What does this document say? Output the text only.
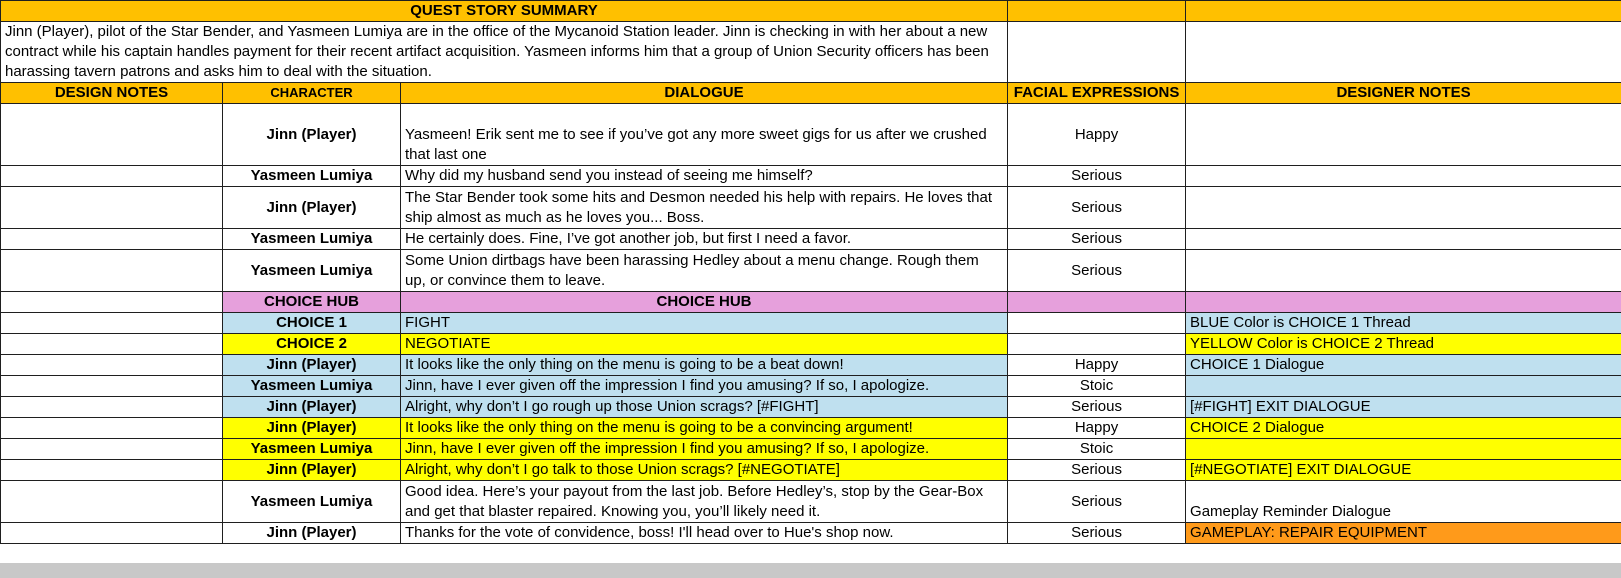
QUEST STORY SUMMARY				
Jinn (Player), pilot of the Star Bender, and Yasmeen Lumiya are in the office of the Mycanoid Station leader. Jinn is checking in with her about a new contract while his captain handles payment for their recent artifact acquisition. Yasmeen informs him that a group of Union Security officers has been harassing tavern patrons and asks him to deal with the situation.				
DESIGN NOTES	CHARACTER	DIALOGUE	FACIAL EXPRESSIONS	DESIGNER NOTES
	Jinn (Player)	Yasmeen! Erik sent me to see if you’ve got any more sweet gigs for us after we crushed that last one	Happy	
	Yasmeen Lumiya	Why did my husband send you instead of seeing me himself?	Serious	
	Jinn (Player)	The Star Bender took some hits and Desmon needed his help with repairs. He loves that ship almost as much as he loves you... Boss.	Serious	
	Yasmeen Lumiya	He certainly does. Fine, I’ve got another job, but first I need a favor.	Serious	
	Yasmeen Lumiya	Some Union dirtbags have been harassing Hedley about a menu change. Rough them up, or convince them to leave.	Serious	
	CHOICE HUB	CHOICE HUB		
	CHOICE 1	FIGHT		BLUE Color is CHOICE 1 Thread
	CHOICE 2	NEGOTIATE		YELLOW Color is CHOICE 2 Thread
	Jinn (Player)	It looks like the only thing on the menu is going to be a beat down!	Happy	CHOICE 1 Dialogue
	Yasmeen Lumiya	Jinn, have I ever given off the impression I find you amusing? If so, I apologize.	Stoic	
	Jinn (Player)	Alright, why don’t I go rough up those Union scrags? [#FIGHT]	Serious	[#FIGHT] EXIT DIALOGUE
	Jinn (Player)	It looks like the only thing on the menu is going to be a convincing argument!	Happy	CHOICE 2 Dialogue
	Yasmeen Lumiya	Jinn, have I ever given off the impression I find you amusing? If so, I apologize.	Stoic	
	Jinn (Player)	Alright, why don’t I go talk to those Union scrags? [#NEGOTIATE]	Serious	[#NEGOTIATE] EXIT DIALOGUE
	Yasmeen Lumiya	Good idea. Here’s your payout from the last job. Before Hedley’s, stop by the Gear-Box and get that blaster repaired. Knowing you, you’ll likely need it.	Serious	Gameplay Reminder Dialogue
	Jinn (Player)	Thanks for the vote of convidence, boss! I'll head over to Hue's shop now.	Serious	GAMEPLAY: REPAIR EQUIPMENT
